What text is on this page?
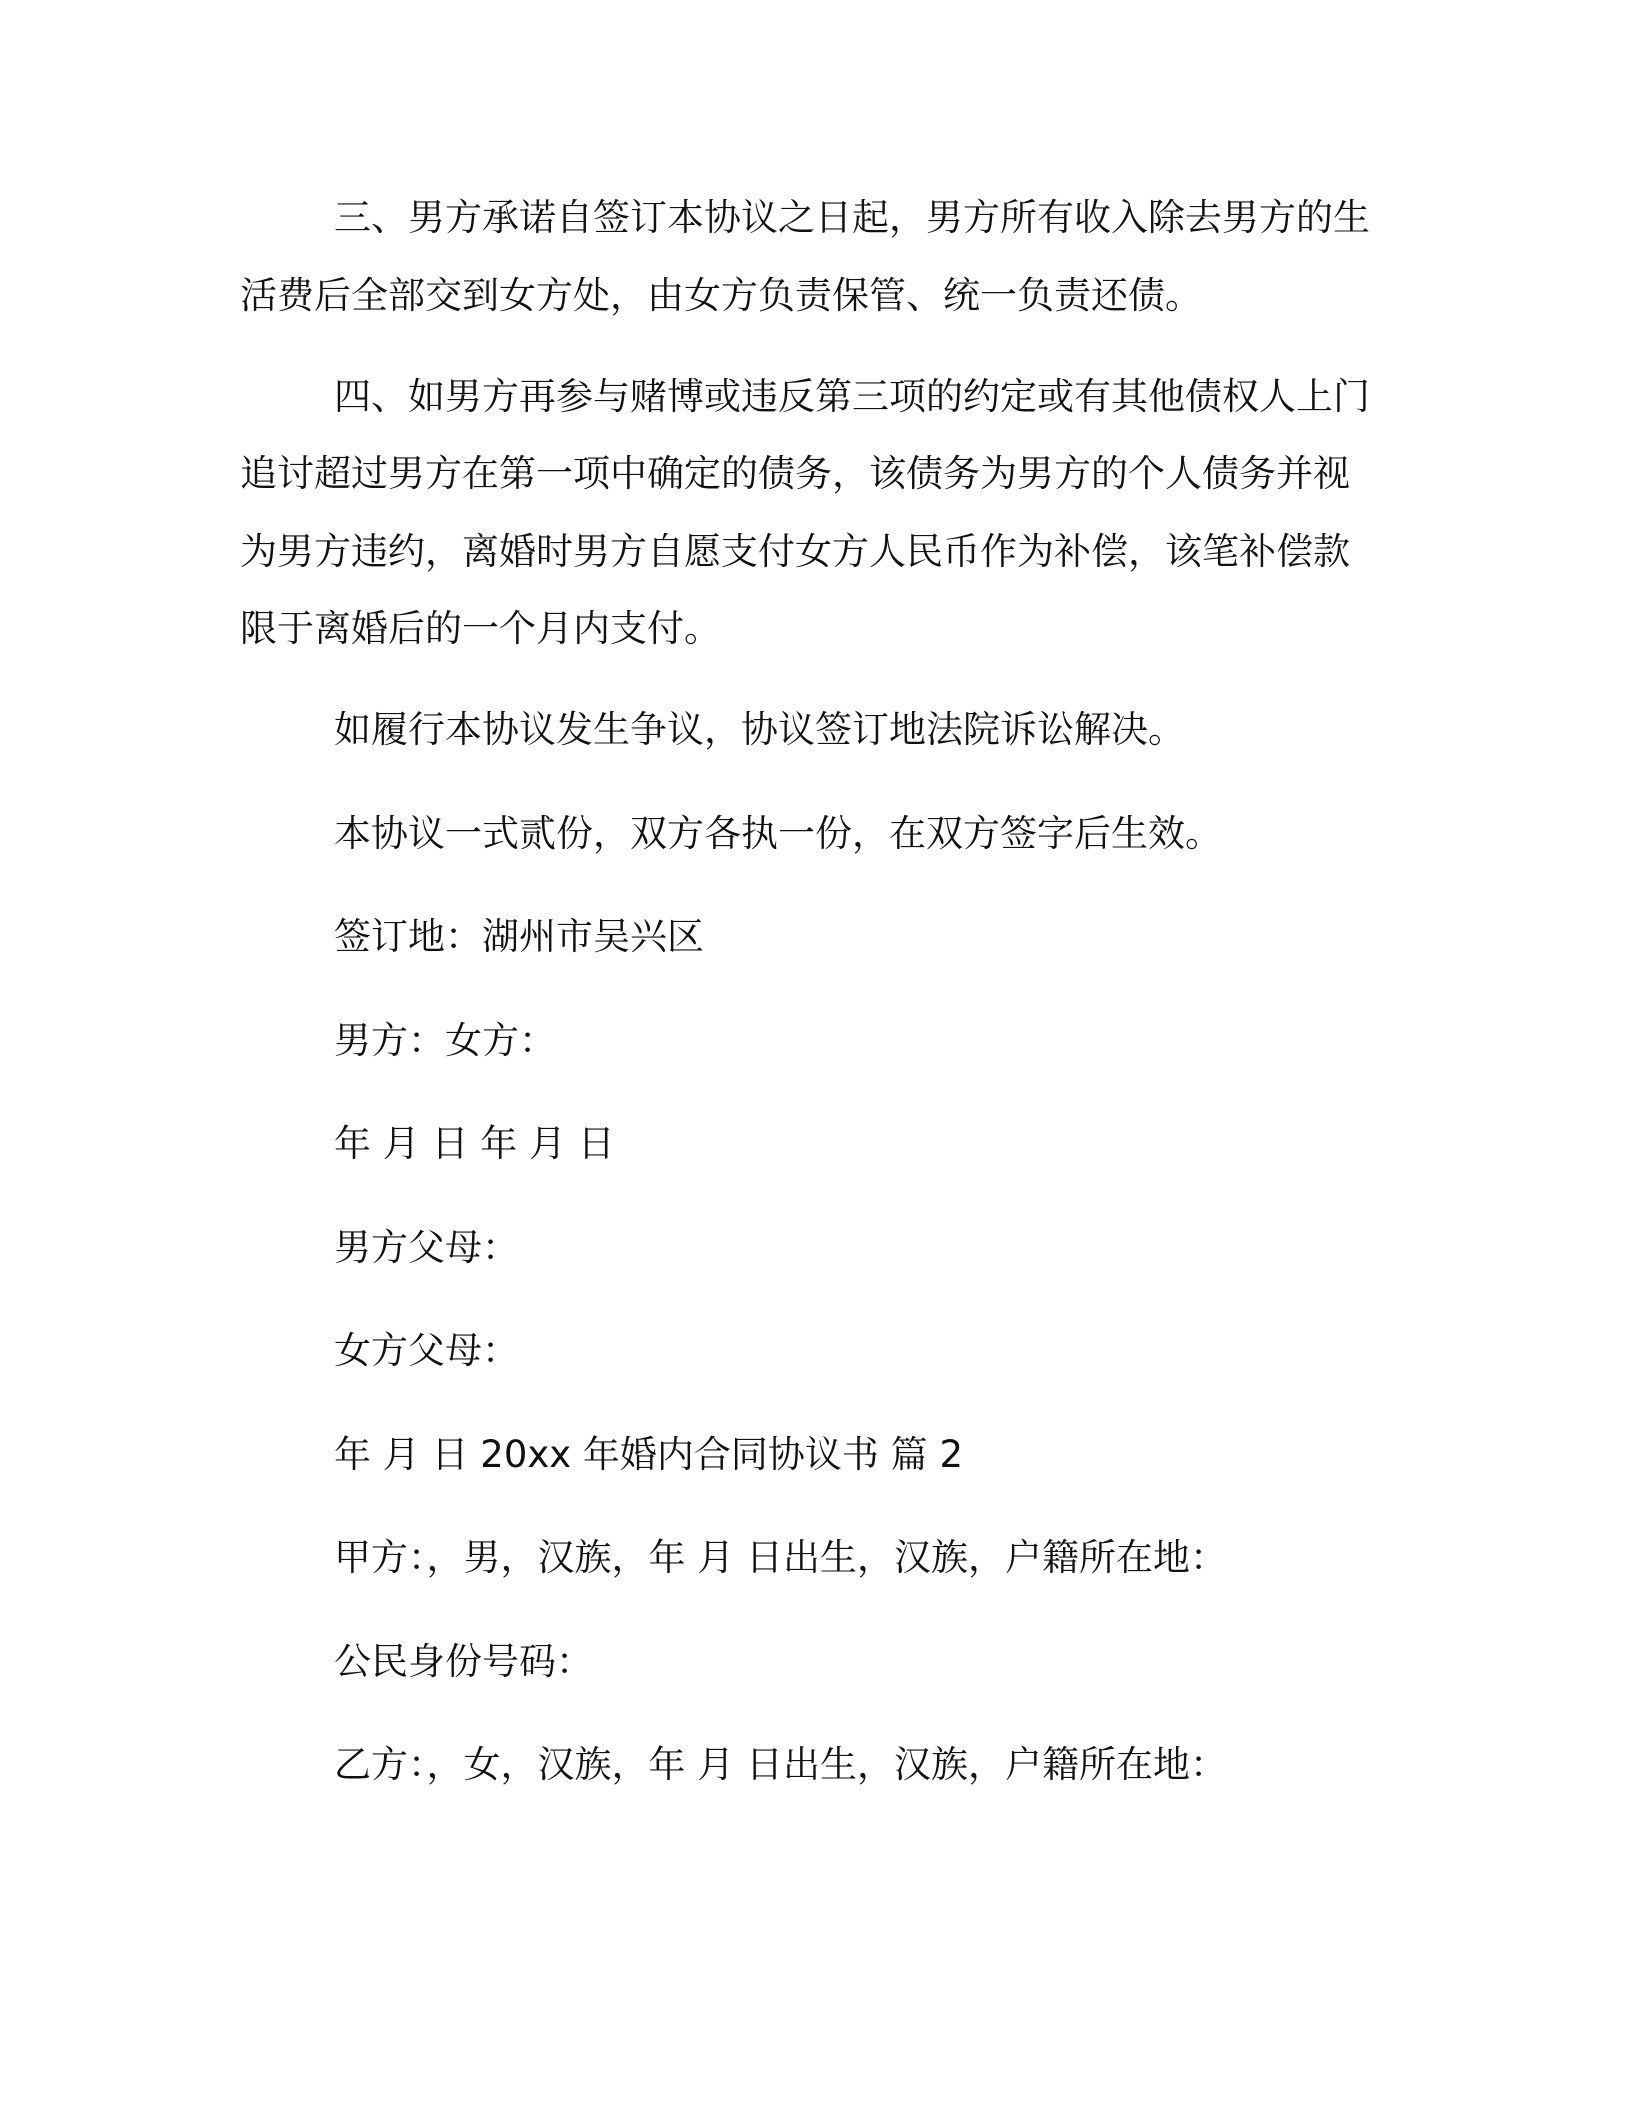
三、男方承诺自签订本协议之日起，男方所有收入除去男方的生
活费后全部交到女方处，由女方负责保管、统一负责还债。
四、如男方再参与赌博或违反第三项的约定或有其他债权人上门
追讨超过男方在第一项中确定的债务，该债务为男方的个人债务并视
为男方违约，离婚时男方自愿支付女方人民币作为补偿，该笔补偿款
限于离婚后的一个月内支付。
如履行本协议发生争议，协议签订地法院诉讼解决。
本协议一式贰份，双方各执一份，在双方签字后生效。
签订地：湖州市吴兴区
男方：女方：
年 月 日 年 月 日
男方父母：
女方父母：
年 月 日 20xx 年婚内合同协议书 篇 2
甲方：，男，汉族，年 月 日出生，汉族，户籍所在地：
公民身份号码：
乙方：，女，汉族，年 月 日出生，汉族，户籍所在地：
